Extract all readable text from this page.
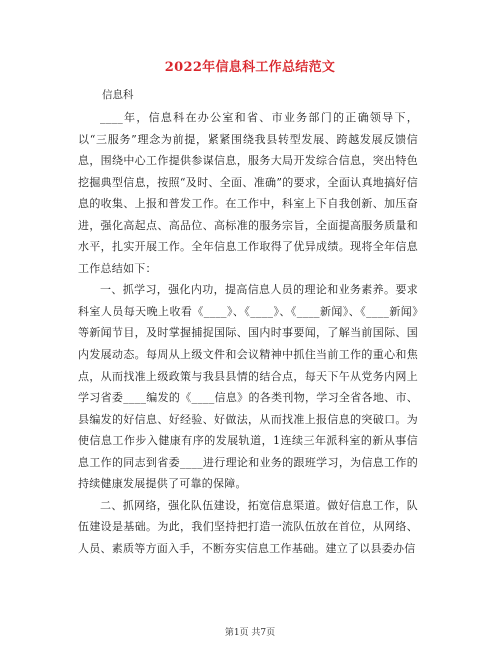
2022年信息科工作总结范文
信息科

____年，信息科在办公室和省、市业务部门的正确领导下，以“三服务”理念为前提，紧紧围绕我县转型发展、跨越发展反馈信息，围绕中心工作提供参谋信息，服务大局开发综合信息，突出特色挖掘典型信息，按照“及时、全面、准确”的要求，全面认真地搞好信息的收集、上报和普发工作。在工作中，科室上下自我创新、加压奋进，强化高起点、高品位、高标准的服务宗旨，全面提高服务质量和水平，扎实开展工作。全年信息工作取得了优异成绩。现将全年信息工作总结如下：

一、抓学习，强化内功，提高信息人员的理论和业务素养。要求科室人员每天晚上收看《____》、《____》、《____新闻》、《____新闻》等新闻节目，及时掌握捕捉国际、国内时事要闻，了解当前国际、国内发展动态。每周从上级文件和会议精神中抓住当前工作的重心和焦点，从而找准上级政策与我县县情的结合点，每天下午从党务内网上学习省委____编发的《____信息》的各类刊物，学习全省各地、市、县编发的好信息、好经验、好做法，从而找准上报信息的突破口。为使信息工作步入健康有序的发展轨道，1连续三年派科室的新从事信息工作的同志到省委____进行理论和业务的跟班学习，为信息工作的持续健康发展提供了可靠的保障。

二、抓网络，强化队伍建设，拓宽信息渠道。做好信息工作，队伍建设是基础。为此，我们坚持把打造一流队伍放在首位，从网络、人员、素质等方面入手，不断夯实信息工作基础。建立了以县委办信

第1页 共7页
